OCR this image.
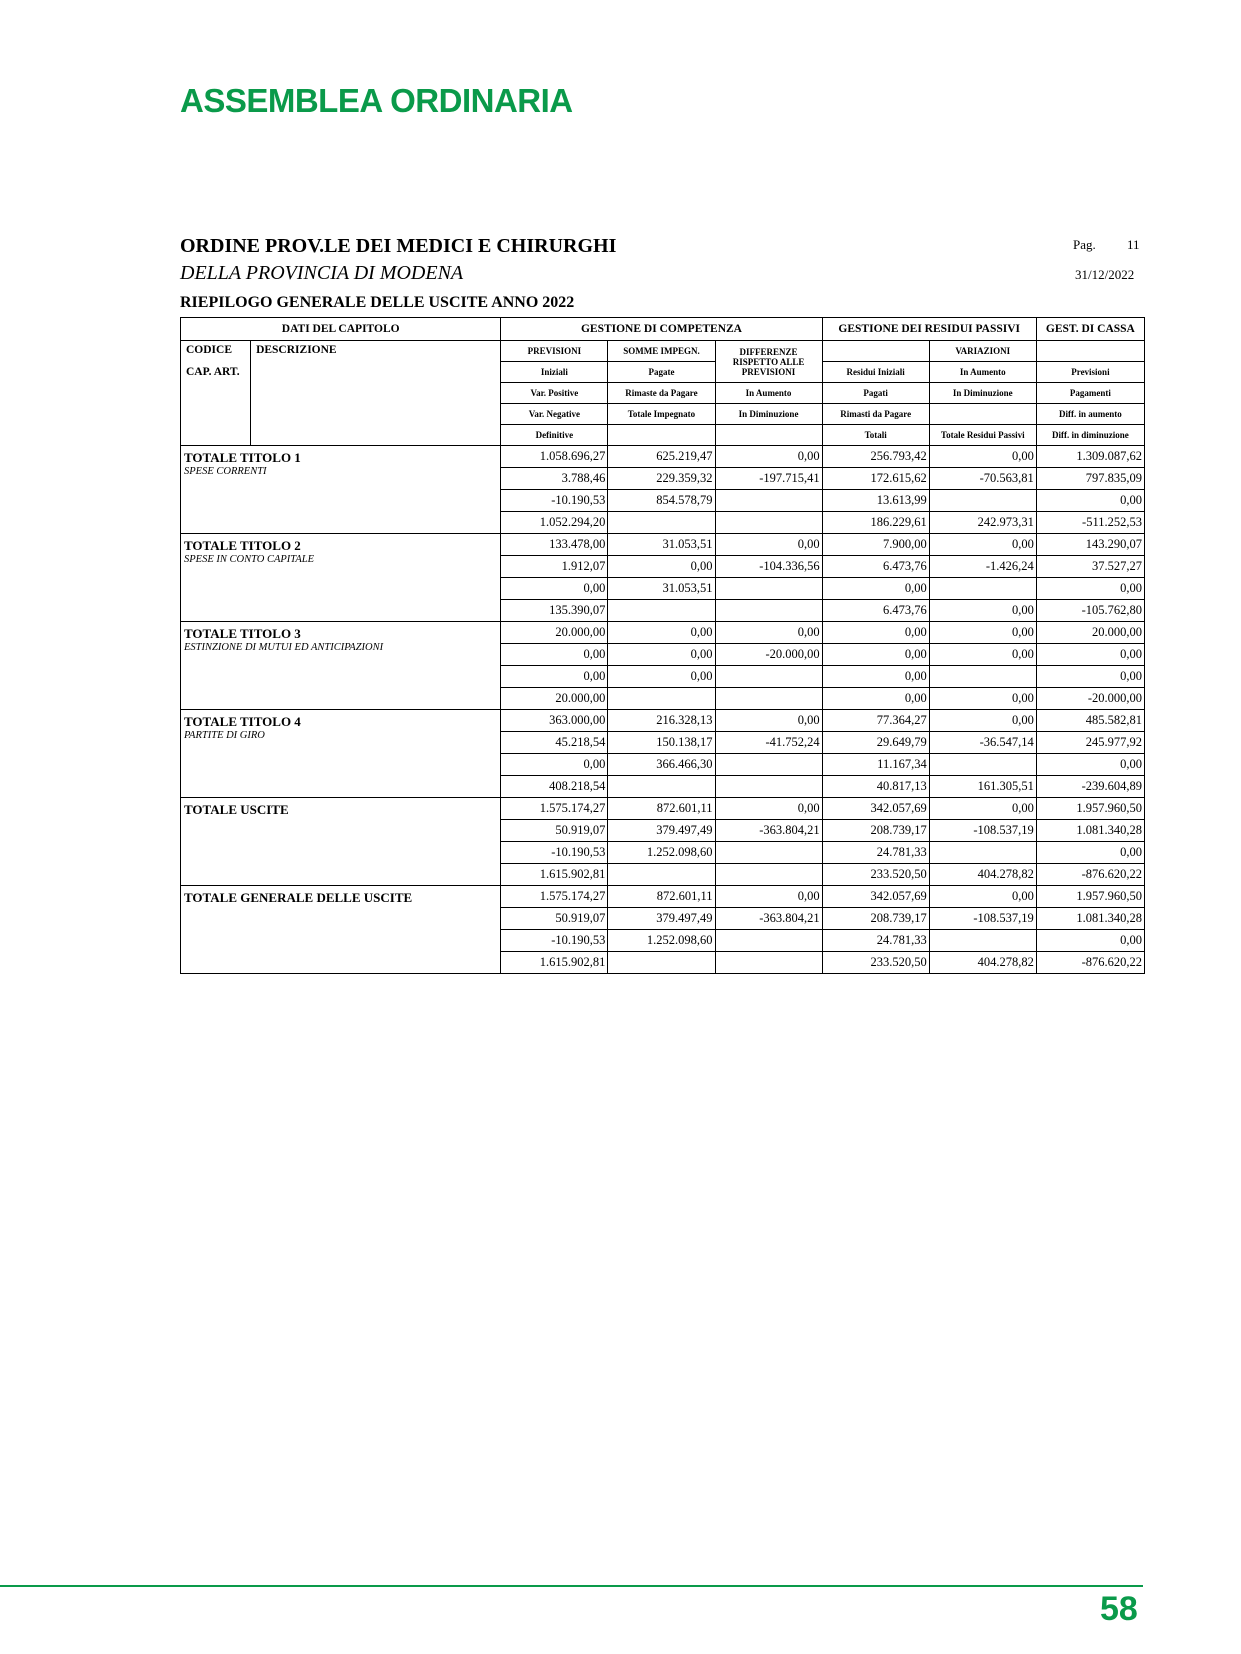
ASSEMBLEA ORDINARIA
ORDINE PROV.LE DEI MEDICI E CHIRURGHI
DELLA PROVINCIA DI MODENA
Pag. 11
31/12/2022
RIEPILOGO GENERALE DELLE USCITE ANNO 2022
DATI DEL CAPITOLO		GESTIONE DI COMPETENZA			GESTIONE DEI RESIDUI PASSIVI		GEST. DI CASSA

CODICE
CAP. ART.	DESCRIZIONE	PREVISIONI	SOMME IMPEGN.	DIFFERENZE RISPETTO ALLE PREVISIONI		VARIAZIONI	
		Iniziali	Pagate		Residui Iniziali	In Aumento	Previsioni
		Var. Positive	Rimaste da Pagare	In Aumento	Pagati	In Diminuzione	Pagamenti
		Var. Negative	Totale Impegnato	In Diminuzione	Rimasti da Pagare		Diff. in aumento
		Definitive			Totali	Totale Residui Passivi	Diff. in diminuzione

TOTALE TITOLO 1
SPESE CORRENTI		1.058.696,27	625.219,47	0,00	256.793,42	0,00	1.309.087,62
		3.788,46	229.359,32	-197.715,41	172.615,62	-70.563,81	797.835,09
		-10.190,53	854.578,79		13.613,99		0,00
		1.052.294,20			186.229,61	242.973,31	-511.252,53

TOTALE TITOLO 2
SPESE IN CONTO CAPITALE		133.478,00	31.053,51	0,00	7.900,00	0,00	143.290,07
		1.912,07	0,00	-104.336,56	6.473,76	-1.426,24	37.527,27
		0,00	31.053,51		0,00		0,00
		135.390,07			6.473,76	0,00	-105.762,80

TOTALE TITOLO 3
ESTINZIONE DI MUTUI ED ANTICIPAZIONI		20.000,00	0,00	0,00	0,00	0,00	20.000,00
		0,00	0,00	-20.000,00	0,00	0,00	0,00
		0,00	0,00		0,00		0,00
		20.000,00			0,00	0,00	-20.000,00

TOTALE TITOLO 4
PARTITE DI GIRO		363.000,00	216.328,13	0,00	77.364,27	0,00	485.582,81
		45.218,54	150.138,17	-41.752,24	29.649,79	-36.547,14	245.977,92
		0,00	366.466,30		11.167,34		0,00
		408.218,54			40.817,13	161.305,51	-239.604,89

TOTALE USCITE		1.575.174,27	872.601,11	0,00	342.057,69	0,00	1.957.960,50
		50.919,07	379.497,49	-363.804,21	208.739,17	-108.537,19	1.081.340,28
		-10.190,53	1.252.098,60		24.781,33		0,00
		1.615.902,81			233.520,50	404.278,82	-876.620,22

TOTALE GENERALE DELLE USCITE		1.575.174,27	872.601,11	0,00	342.057,69	0,00	1.957.960,50
		50.919,07	379.497,49	-363.804,21	208.739,17	-108.537,19	1.081.340,28
		-10.190,53	1.252.098,60		24.781,33		0,00
		1.615.902,81			233.520,50	404.278,82	-876.620,22
58
